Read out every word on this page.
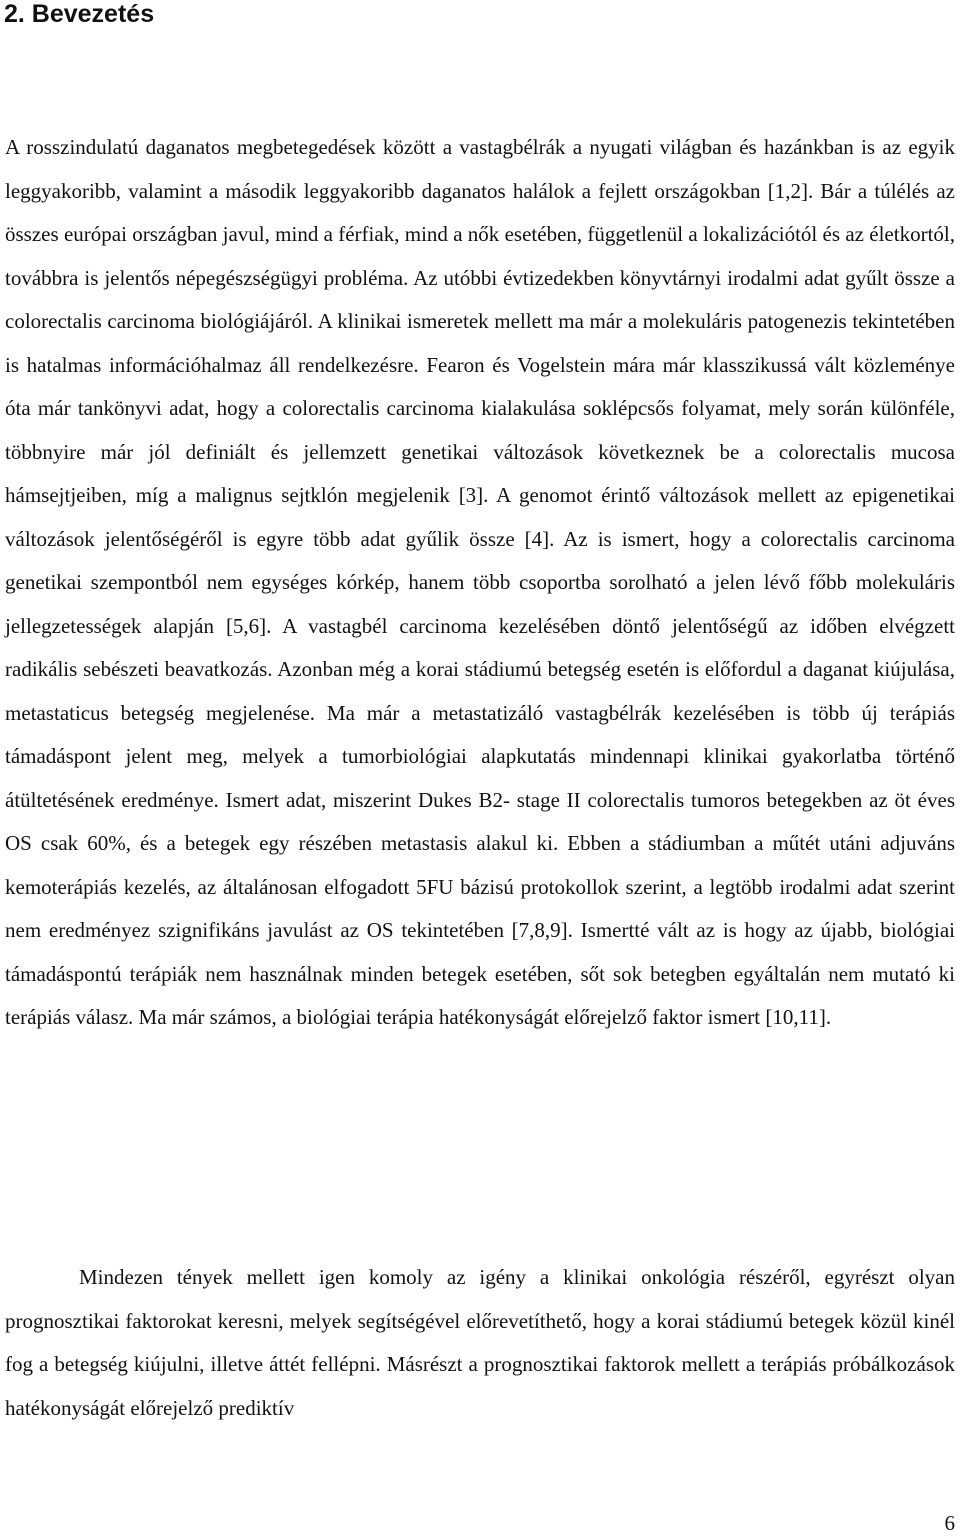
2. Bevezetés

A rosszindulatú daganatos megbetegedések között a vastagbélrák a nyugati világban és hazánkban is az egyik leggyakoribb, valamint a második leggyakoribb daganatos halálok a fejlett országokban [1,2]. Bár a túlélés az összes európai országban javul, mind a férfiak, mind a nők esetében, függetlenül a lokalizációtól és az életkortól, továbbra is jelentős népegészségügyi probléma. Az utóbbi évtizedekben könyvtárnyi irodalmi adat gyűlt össze a colorectalis carcinoma biológiájáról. A klinikai ismeretek mellett ma már a molekuláris patogenezis tekintetében is hatalmas információhalmaz áll rendelkezésre. Fearon és Vogelstein mára már klasszikussá vált közleménye óta már tankönyvi adat, hogy a colorectalis carcinoma kialakulása soklépcsős folyamat, mely során különféle, többnyire már jól definiált és jellemzett genetikai változások következnek be a colorectalis mucosa hámsejtjeiben, míg a malignus sejtklón megjelenik [3]. A genomot érintő változások mellett az epigenetikai változások jelentőségéről is egyre több adat gyűlik össze [4]. Az is ismert, hogy a colorectalis carcinoma genetikai szempontból nem egységes kórkép, hanem több csoportba sorolható a jelen lévő főbb molekuláris jellegzetességek alapján [5,6]. A vastagbél carcinoma kezelésében döntő jelentőségű az időben elvégzett radikális sebészeti beavatkozás. Azonban még a korai stádiumú betegség esetén is előfordul a daganat kiújulása, metastaticus betegség megjelenése. Ma már a metastatizáló vastagbélrák kezelésében is több új terápiás támadáspont jelent meg, melyek a tumorbiológiai alapkutatás mindennapi klinikai gyakorlatba történő átültetésének eredménye. Ismert adat, miszerint Dukes B2- stage II colorectalis tumoros betegekben az öt éves OS csak 60%, és a betegek egy részében metastasis alakul ki. Ebben a stádiumban a műtét utáni adjuváns kemoterápiás kezelés, az általánosan elfogadott 5FU bázisú protokollok szerint, a legtöbb irodalmi adat szerint nem eredményez szignifikáns javulást az OS tekintetében [7,8,9]. Ismertté vált az is hogy az újabb, biológiai támadáspontú terápiák nem használnak minden betegek esetében, sőt sok betegben egyáltalán nem mutató ki terápiás válasz. Ma már számos, a biológiai terápia hatékonyságát előrejelző faktor ismert [10,11].

Mindezen tények mellett igen komoly az igény a klinikai onkológia részéről, egyrészt olyan prognosztikai faktorokat keresni, melyek segítségével előrevetíthető, hogy a korai stádiumú betegek közül kinél fog a betegség kiújulni, illetve áttét fellépni. Másrészt a prognosztikai faktorok mellett a terápiás próbálkozások hatékonyságát előrejelző prediktív

6
